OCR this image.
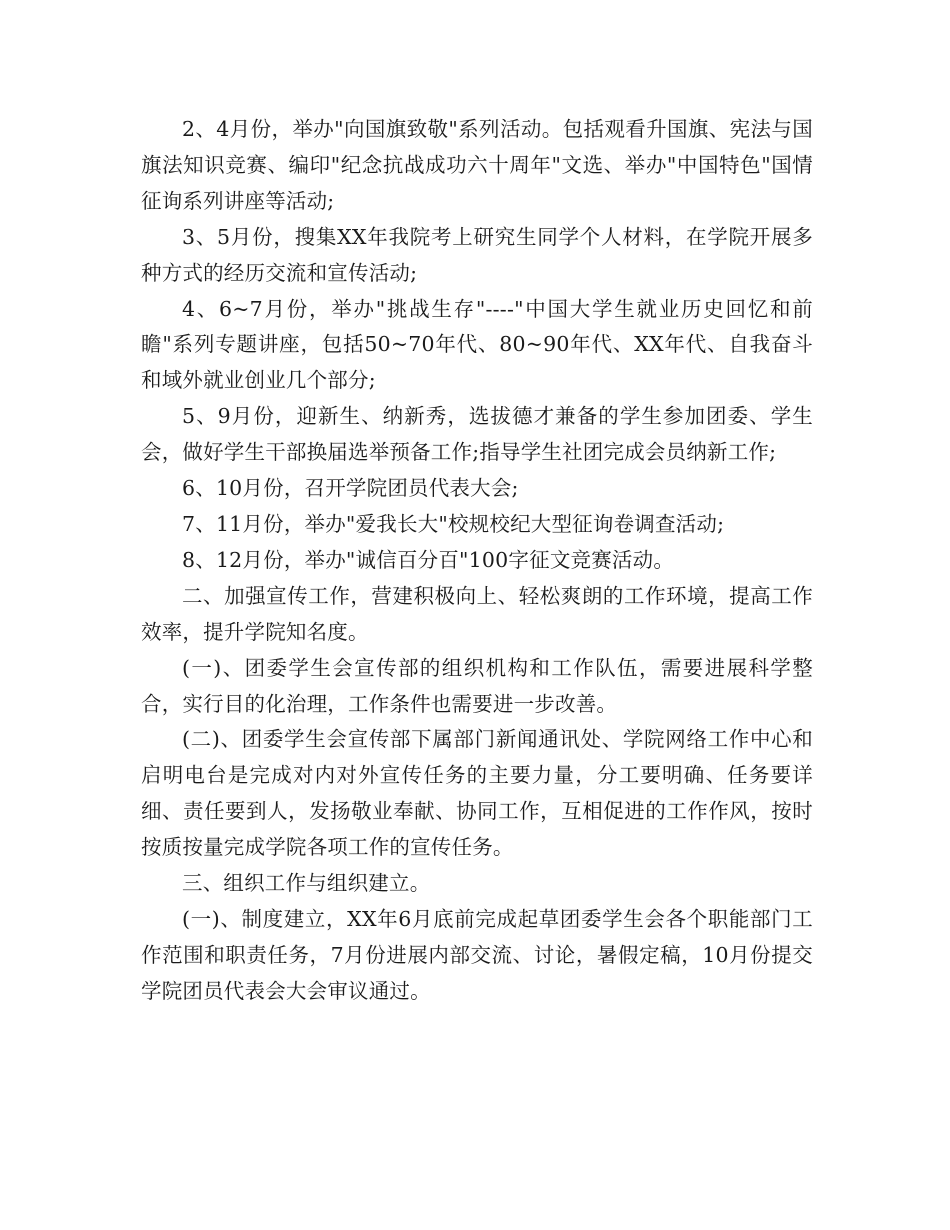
2、4月份，举办"向国旗致敬"系列活动。包括观看升国旗、宪法与国旗法知识竞赛、编印"纪念抗战成功六十周年"文选、举办"中国特色"国情征询系列讲座等活动;

3、5月份，搜集XX年我院考上研究生同学个人材料，在学院开展多种方式的经历交流和宣传活动;

4、6~7月份，举办"挑战生存"----"中国大学生就业历史回忆和前瞻"系列专题讲座，包括50~70年代、80~90年代、XX年代、自我奋斗和域外就业创业几个部分;

5、9月份，迎新生、纳新秀，选拔德才兼备的学生参加团委、学生会，做好学生干部换届选举预备工作;指导学生社团完成会员纳新工作;

6、10月份，召开学院团员代表大会;

7、11月份，举办"爱我长大"校规校纪大型征询卷调查活动;

8、12月份，举办"诚信百分百"100字征文竞赛活动。

二、加强宣传工作，营建积极向上、轻松爽朗的工作环境，提高工作效率，提升学院知名度。

(一)、团委学生会宣传部的组织机构和工作队伍，需要进展科学整合，实行目的化治理，工作条件也需要进一步改善。

(二)、团委学生会宣传部下属部门新闻通讯处、学院网络工作中心和启明电台是完成对内对外宣传任务的主要力量，分工要明确、任务要详细、责任要到人，发扬敬业奉献、协同工作，互相促进的工作作风，按时按质按量完成学院各项工作的宣传任务。

三、组织工作与组织建立。

(一)、制度建立，XX年6月底前完成起草团委学生会各个职能部门工作范围和职责任务，7月份进展内部交流、讨论，暑假定稿，10月份提交学院团员代表会大会审议通过。
